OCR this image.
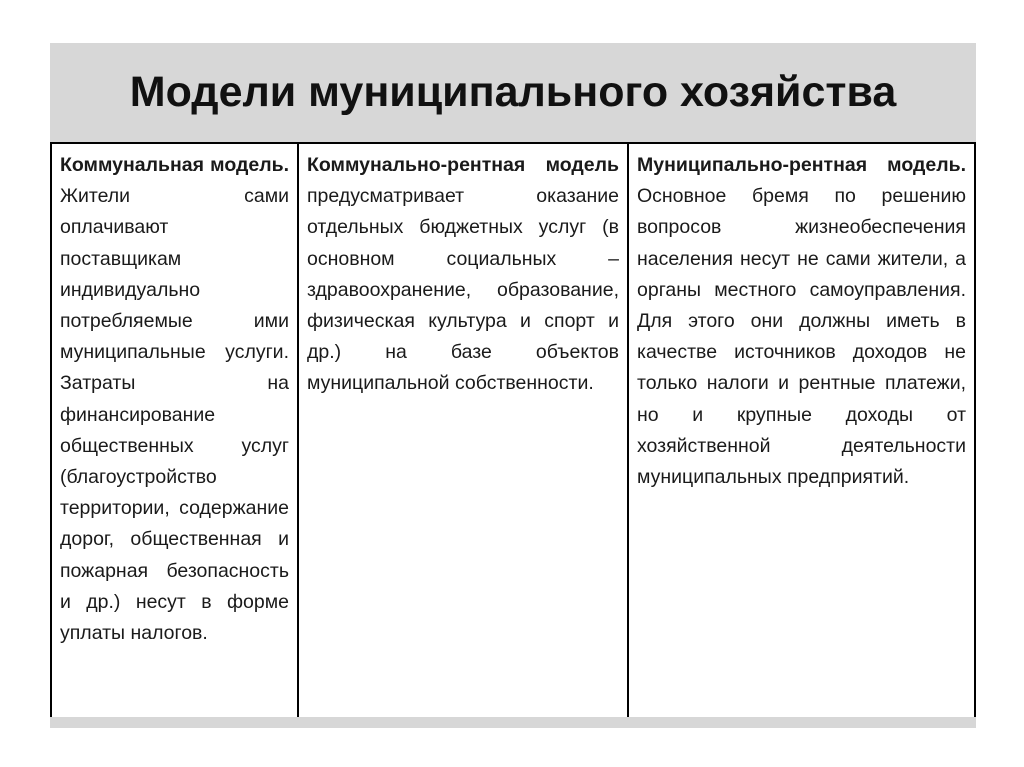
Модели муниципального хозяйства
Коммунальная модель. Жители сами оплачивают поставщикам индивидуально потребляемые ими муниципальные услуги. Затраты на финансирование общественных услуг (благоустройство территории, содержание дорог, общественная и пожарная безопасность и др.) несут в форме уплаты налогов.
Коммунально-рентная модель предусматривает оказание отдельных бюджетных услуг (в основном социальных – здравоохранение, образование, физическая культура и спорт и др.) на базе объектов муниципальной собственности.
Муниципально-рентная модель. Основное бремя по решению вопросов жизнеобеспечения населения несут не сами жители, а органы местного самоуправления. Для этого они должны иметь в качестве источников доходов не только налоги и рентные платежи, но и крупные доходы от хозяйственной деятельности муниципальных предприятий.
